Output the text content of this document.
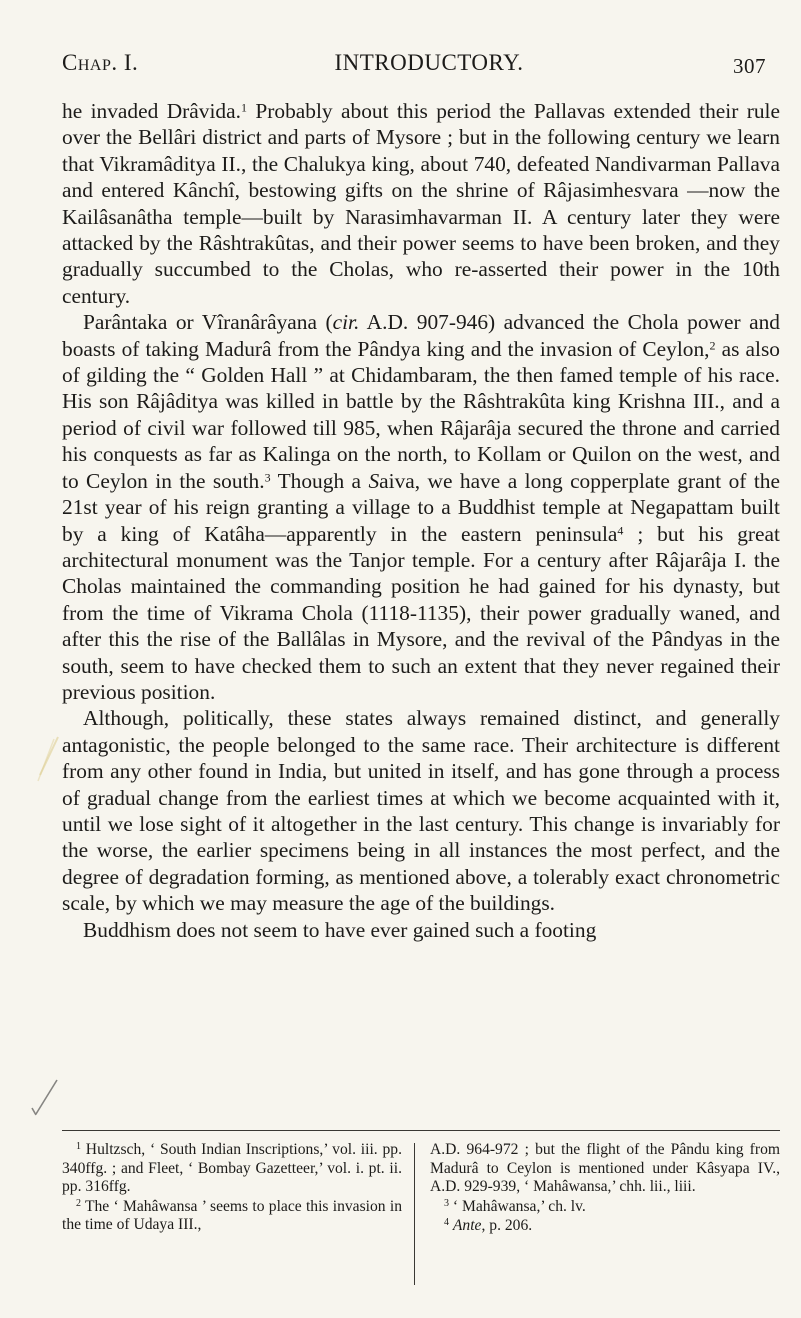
Chap. I.	INTRODUCTORY.	307

he invaded Drâvida.$^1$ Probably about this period the Pallavas extended their rule over the Bellâri district and parts of Mysore ; but in the following century we learn that Vikramâditya II., the Chalukya king, about 740, defeated Nandivarman Pallava and entered Kânchî, bestowing gifts on the shrine of Râjasimhesvara —now the Kailâsanâtha temple—built by Narasimhavarman II. A century later they were attacked by the Râshtrakûtas, and their power seems to have been broken, and they gradually succumbed to the Cholas, who re-asserted their power in the 10th century.

Parântaka or Vîranârâyana (cir. A.D. 907-946) advanced the Chola power and boasts of taking Madurâ from the Pândya king and the invasion of Ceylon,$^2$ as also of gilding the “ Golden Hall ” at Chidambaram, the then famed temple of his race. His son Râjâditya was killed in battle by the Râshtrakûta king Krishna III., and a period of civil war followed till 985, when Râjarâja secured the throne and carried his conquests as far as Kalinga on the north, to Kollam or Quilon on the west, and to Ceylon in the south.$^3$ Though a Saiva, we have a long copperplate grant of the 21st year of his reign granting a village to a Buddhist temple at Negapattam built by a king of Katâha—apparently in the eastern peninsula$^4$ ; but his great architectural monument was the Tanjor temple. For a century after Râjarâja I. the Cholas maintained the commanding position he had gained for his dynasty, but from the time of Vikrama Chola (1118-1135), their power gradually waned, and after this the rise of the Ballâlas in Mysore, and the revival of the Pândyas in the south, seem to have checked them to such an extent that they never regained their previous position.

Although, politically, these states always remained distinct, and generally antagonistic, the people belonged to the same race. Their architecture is different from any other found in India, but united in itself, and has gone through a process of gradual change from the earliest times at which we become acquainted with it, until we lose sight of it altogether in the last century. This change is invariably for the worse, the earlier specimens being in all instances the most perfect, and the degree of degradation forming, as mentioned above, a tolerably exact chronometric scale, by which we may measure the age of the buildings.

Buddhism does not seem to have ever gained such a footing

$^1$ Hultzsch, ‘ South Indian Inscriptions,’ vol. iii. pp. 340ffg. ; and Fleet, ‘ Bombay Gazetteer,’ vol. i. pt. ii. pp. 316ffg.

$^2$ The ‘ Mahâwansa ’ seems to place this invasion in the time of Udaya III.,

A.D. 964-972 ; but the flight of the Pându king from Madurâ to Ceylon is mentioned under Kâsyapa IV., A.D. 929-939, ‘ Mahâwansa,’ chh. lii., liii.

$^3$ ‘ Mahâwansa,’ ch. lv.

$^4$ Ante, p. 206.
